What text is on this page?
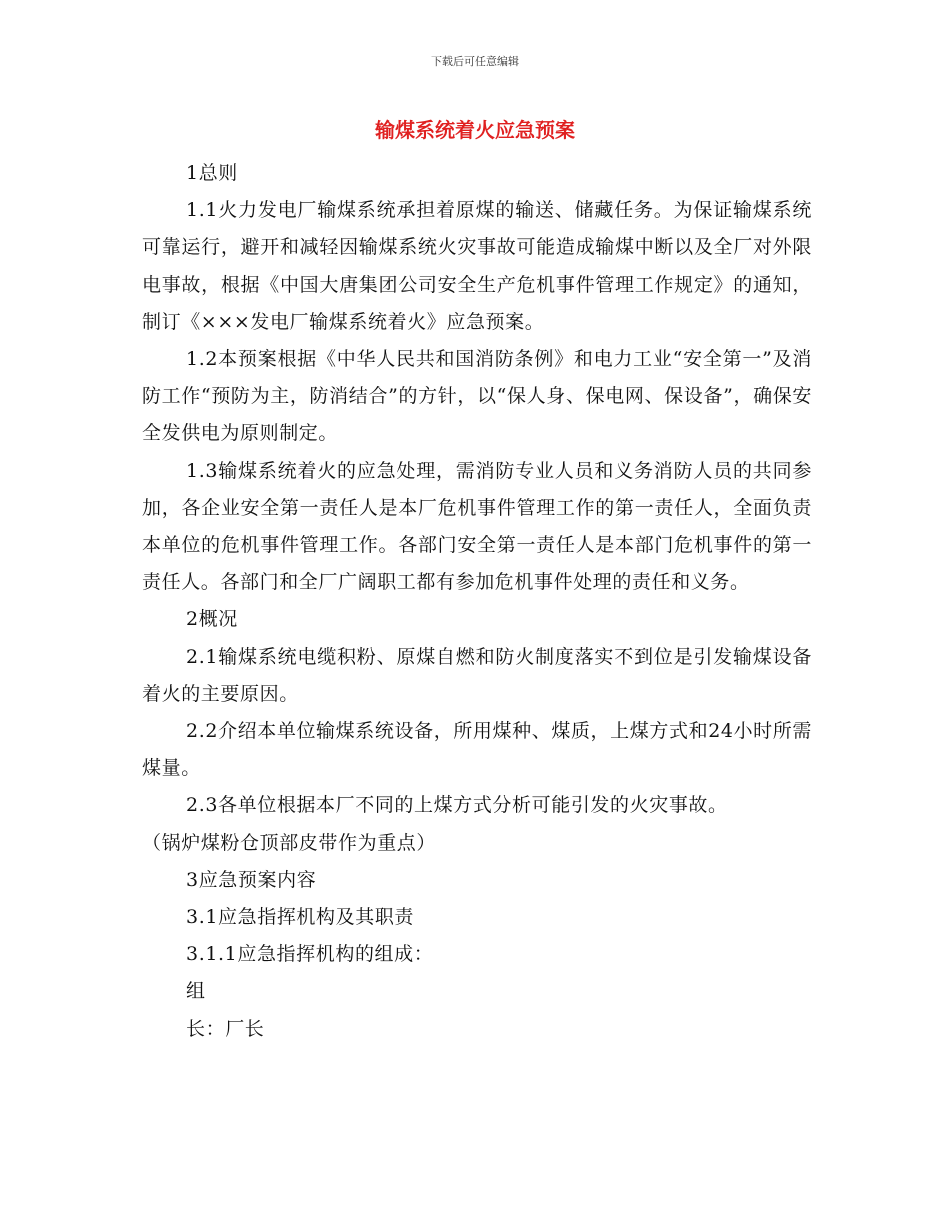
下载后可任意编辑
输煤系统着火应急预案

1总则

1.1火力发电厂输煤系统承担着原煤的输送、储藏任务。为保证输煤系统可靠运行，避开和减轻因输煤系统火灾事故可能造成输煤中断以及全厂对外限电事故，根据《中国大唐集团公司安全生产危机事件管理工作规定》的通知，制订《×××发电厂输煤系统着火》应急预案。

1.2本预案根据《中华人民共和国消防条例》和电力工业“安全第一”及消防工作“预防为主，防消结合”的方针，以“保人身、保电网、保设备”，确保安全发供电为原则制定。

1.3输煤系统着火的应急处理，需消防专业人员和义务消防人员的共同参加，各企业安全第一责任人是本厂危机事件管理工作的第一责任人，全面负责本单位的危机事件管理工作。各部门安全第一责任人是本部门危机事件的第一责任人。各部门和全厂广阔职工都有参加危机事件处理的责任和义务。

2概况

2.1输煤系统电缆积粉、原煤自燃和防火制度落实不到位是引发输煤设备着火的主要原因。

2.2介绍本单位输煤系统设备，所用煤种、煤质，上煤方式和24小时所需煤量。

2.3各单位根据本厂不同的上煤方式分析可能引发的火灾事故。

（锅炉煤粉仓顶部皮带作为重点）

3应急预案内容

3.1应急指挥机构及其职责

3.1.1应急指挥机构的组成：

组

长：厂长
